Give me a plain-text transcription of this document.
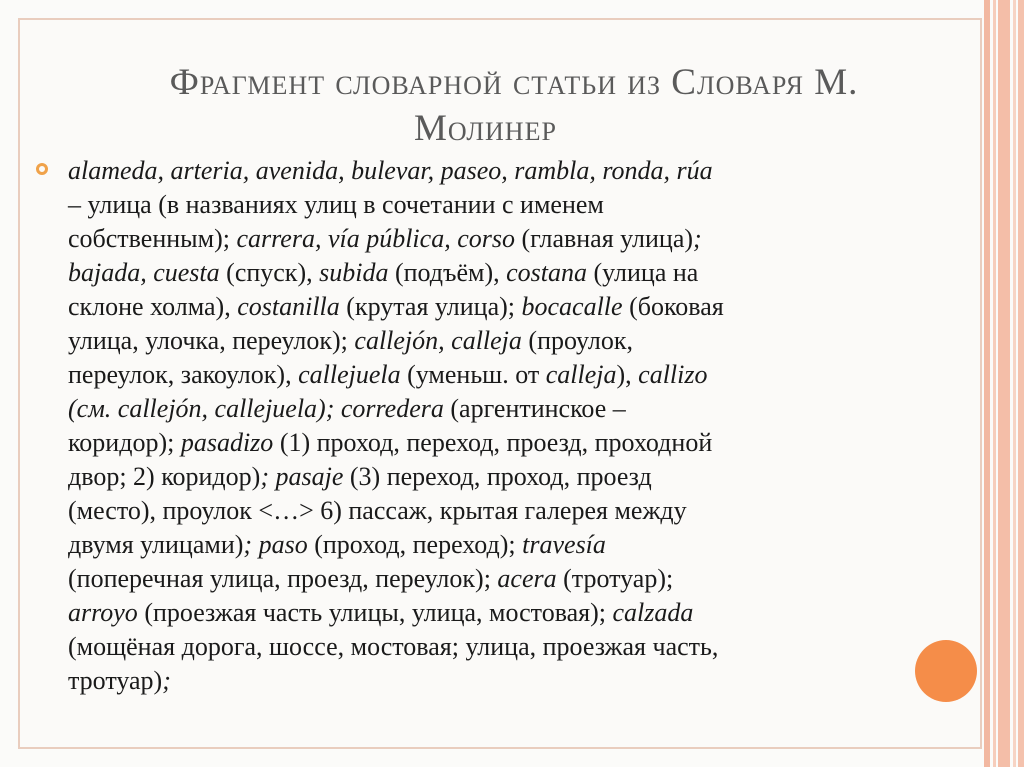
Фрагмент словарной статьи из Словаря М.
Молинер
alameda, arteria, avenida, bulevar, paseo, rambla, ronda, rúa
– улица (в названиях улиц в сочетании с именем
собственным); carrera, vía pública, corso (главная улица);
bajada, cuesta (спуск), subida (подъём), costana (улица на
склоне холма), costanilla (крутая улица); bocacalle (боковая
улица, улочка, переулок); callejón, calleja (проулок,
переулок, закоулок), callejuela (уменьш. от calleja), callizo
(см. callejón, callejuela); corredera (аргентинское –
коридор); pasadizo (1) проход, переход, проезд, проходной
двор; 2) коридор); pasaje (3) переход, проход, проезд
(место), проулок <…> 6) пассаж, крытая галерея между
двумя улицами); paso (проход, переход); travesía
(поперечная улица, проезд, переулок); acera (тротуар);
arroyo (проезжая часть улицы, улица, мостовая); calzada
(мощёная дорога, шоссе, мостовая; улица, проезжая часть,
тротуар);
